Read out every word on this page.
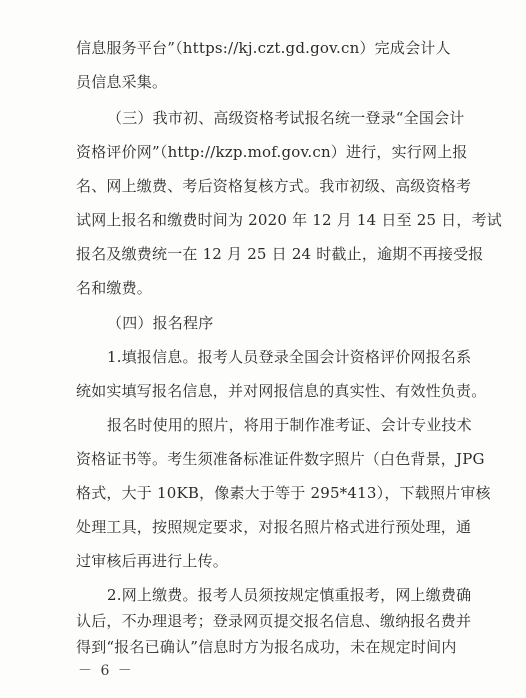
信息服务平台”（https://kj.czt.gd.gov.cn）完成会计人
员信息采集。
（三）我市初、高级资格考试报名统一登录“全国会计
资格评价网”（http://kzp.mof.gov.cn）进行，实行网上报
名、网上缴费、考后资格复核方式。我市初级、高级资格考
试网上报名和缴费时间为 2020 年 12 月 14 日至 25 日，考试
报名及缴费统一在 12 月 25 日 24 时截止，逾期不再接受报
名和缴费。
（四）报名程序
1.填报信息。报考人员登录全国会计资格评价网报名系
统如实填写报名信息，并对网报信息的真实性、有效性负责。
报名时使用的照片，将用于制作准考证、会计专业技术
资格证书等。考生须准备标准证件数字照片（白色背景，JPG
格式，大于 10KB，像素大于等于 295*413），下载照片审核
处理工具，按照规定要求，对报名照片格式进行预处理，通
过审核后再进行上传。
2.网上缴费。报考人员须按规定慎重报考，网上缴费确
认后，不办理退考；登录网页提交报名信息、缴纳报名费并
得到“报名已确认”信息时方为报名成功，未在规定时间内
－ 6 －
